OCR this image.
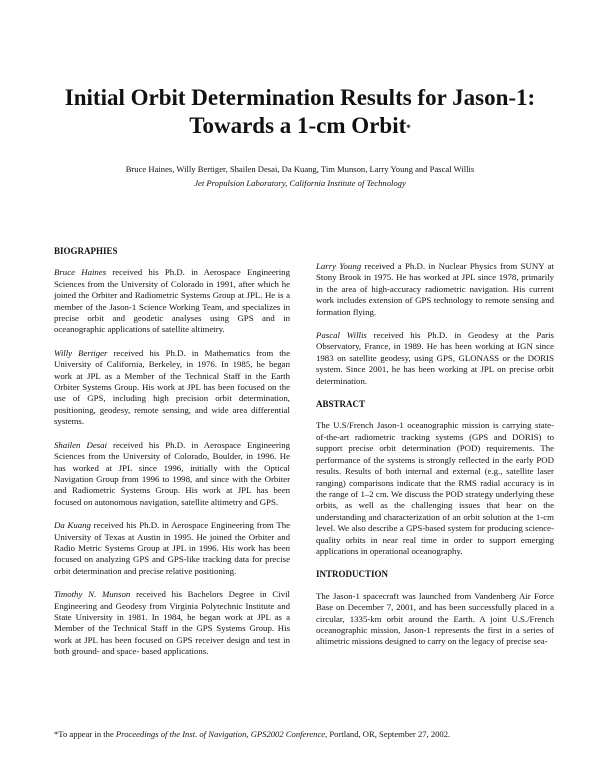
Initial Orbit Determination Results for Jason-1:
Towards a 1-cm Orbit*
Bruce Haines, Willy Bertiger, Shailen Desai, Da Kuang, Tim Munson, Larry Young and Pascal Willis
Jet Propulsion Laboratory, California Institute of Technology
BIOGRAPHIES

Bruce Haines received his Ph.D. in Aerospace Engineering Sciences from the University of Colorado in 1991, after which he joined the Orbiter and Radiometric Systems Group at JPL. He is a member of the Jason-1 Science Working Team, and specializes in precise orbit and geodetic analyses using GPS and in oceanographic applications of satellite altimetry.

Willy Bertiger received his Ph.D. in Mathematics from the University of California, Berkeley, in 1976. In 1985, he began work at JPL as a Member of the Technical Staff in the Earth Orbiter Systems Group. His work at JPL has been focused on the use of GPS, including high precision orbit determination, positioning, geodesy, remote sensing, and wide area differential systems.

Shailen Desai received his Ph.D. in Aerospace Engineering Sciences from the University of Colorado, Boulder, in 1996. He has worked at JPL since 1996, initially with the Optical Navigation Group from 1996 to 1998, and since with the Orbiter and Radiometric Systems Group. His work at JPL has been focused on autonomous navigation, satellite altimetry and GPS.

Da Kuang received his Ph.D. in Aerospace Engineering from The University of Texas at Austin in 1995. He joined the Orbiter and Radio Metric Systems Group at JPL in 1996. His work has been focused on analyzing GPS and GPS-like tracking data for precise orbit determination and precise relative positioning.

Timothy N. Munson received his Bachelors Degree in Civil Engineering and Geodesy from Virginia Polytechnic Institute and State University in 1981. In 1984, he began work at JPL as a Member of the Technical Staff in the GPS Systems Group. His work at JPL has been focused on GPS receiver design and test in both ground- and space- based applications.

Larry Young received a Ph.D. in Nuclear Physics from SUNY at Stony Brook in 1975. He has worked at JPL since 1978, primarily in the area of high-accuracy radiometric navigation. His current work includes extension of GPS technology to remote sensing and formation flying.

Pascal Willis received his Ph.D. in Geodesy at the Paris Observatory, France, in 1989. He has been working at IGN since 1983 on satellite geodesy, using GPS, GLONASS or the DORIS system. Since 2001, he has been working at JPL on precise orbit determination.

ABSTRACT

The U.S/French Jason-1 oceanographic mission is carrying state-of-the-art radiometric tracking systems (GPS and DORIS) to support precise orbit determination (POD) requirements. The performance of the systems is strongly reflected in the early POD results. Results of both internal and external (e.g., satellite laser ranging) comparisons indicate that the RMS radial accuracy is in the range of 1–2 cm. We discuss the POD strategy underlying these orbits, as well as the challenging issues that bear on the understanding and characterization of an orbit solution at the 1-cm level. We also describe a GPS-based system for producing science-quality orbits in near real time in order to support emerging applications in operational oceanography.

INTRODUCTION

The Jason-1 spacecraft was launched from Vandenberg Air Force Base on December 7, 2001, and has been successfully placed in a circular, 1335-km orbit around the Earth. A joint U.S./French oceanographic mission, Jason-1 represents the first in a series of altimetric missions designed to carry on the legacy of precise sea-

*To appear in the Proceedings of the Inst. of Navigation, GPS2002 Conference, Portland, OR, September 27, 2002.
